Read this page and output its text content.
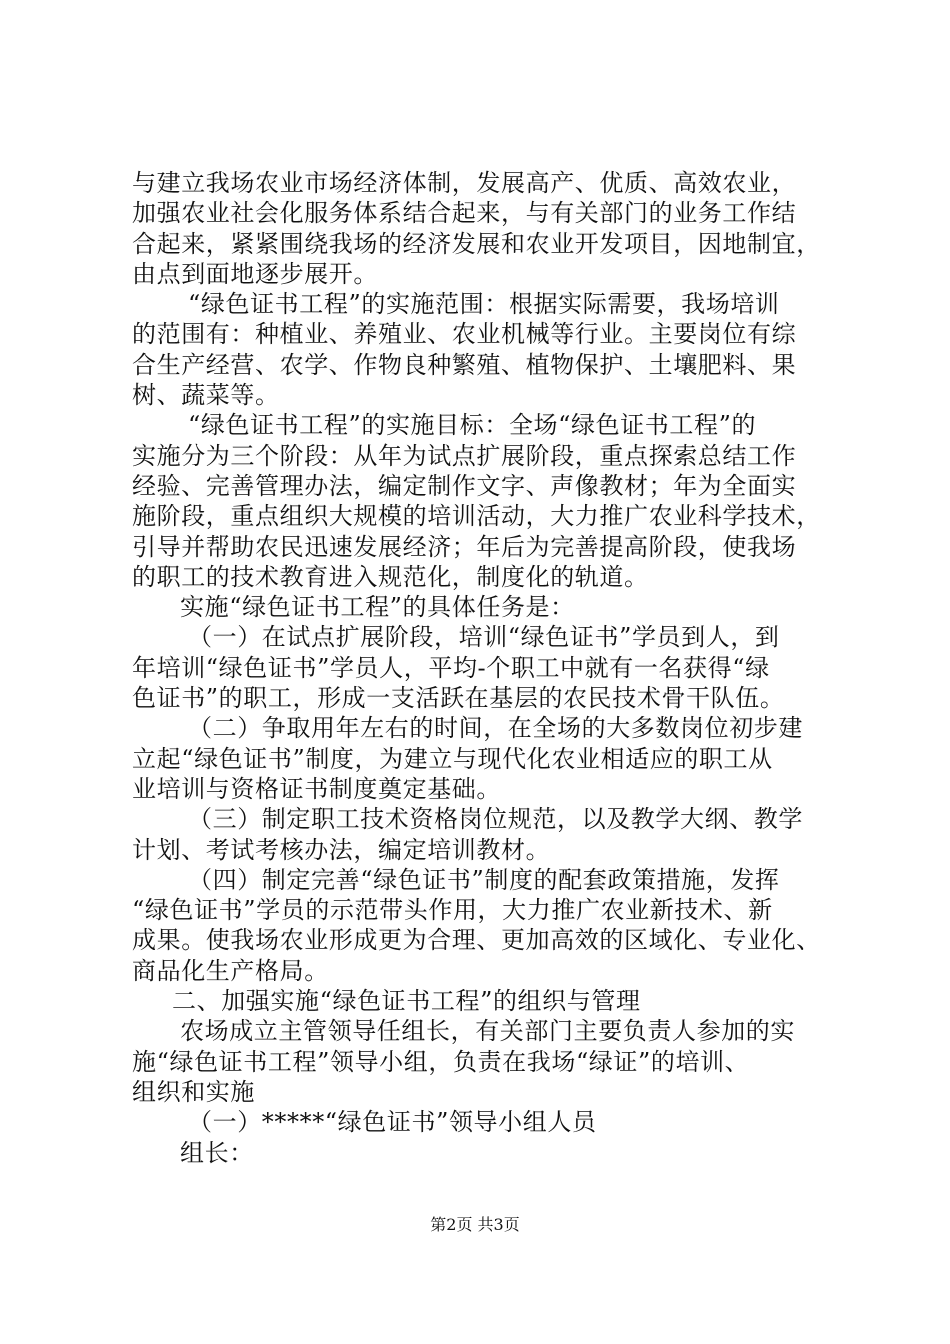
与建立我场农业市场经济体制，发展高产、优质、高效农业，
加强农业社会化服务体系结合起来，与有关部门的业务工作结
合起来，紧紧围绕我场的经济发展和农业开发项目，因地制宜，
由点到面地逐步展开。
“绿色证书工程”的实施范围：根据实际需要，我场培训
的范围有：种植业、养殖业、农业机械等行业。主要岗位有综
合生产经营、农学、作物良种繁殖、植物保护、土壤肥料、果
树、蔬菜等。
“绿色证书工程”的实施目标：全场“绿色证书工程”的
实施分为三个阶段：从年为试点扩展阶段，重点探索总结工作
经验、完善管理办法，编定制作文字、声像教材；年为全面实
施阶段，重点组织大规模的培训活动，大力推广农业科学技术，
引导并帮助农民迅速发展经济；年后为完善提高阶段，使我场
的职工的技术教育进入规范化，制度化的轨道。
实施“绿色证书工程”的具体任务是：
（一）在试点扩展阶段，培训“绿色证书”学员到人，到
年培训“绿色证书”学员人，平均-个职工中就有一名获得“绿
色证书”的职工，形成一支活跃在基层的农民技术骨干队伍。
（二）争取用年左右的时间，在全场的大多数岗位初步建
立起“绿色证书”制度，为建立与现代化农业相适应的职工从
业培训与资格证书制度奠定基础。
（三）制定职工技术资格岗位规范，以及教学大纲、教学
计划、考试考核办法，编定培训教材。
（四）制定完善“绿色证书”制度的配套政策措施，发挥
“绿色证书”学员的示范带头作用，大力推广农业新技术、新
成果。使我场农业形成更为合理、更加高效的区域化、专业化、
商品化生产格局。
二、加强实施“绿色证书工程”的组织与管理
农场成立主管领导任组长，有关部门主要负责人参加的实
施“绿色证书工程”领导小组，负责在我场“绿证”的培训、
组织和实施
（一）*****“绿色证书”领导小组人员
组长：
第2页 共3页
